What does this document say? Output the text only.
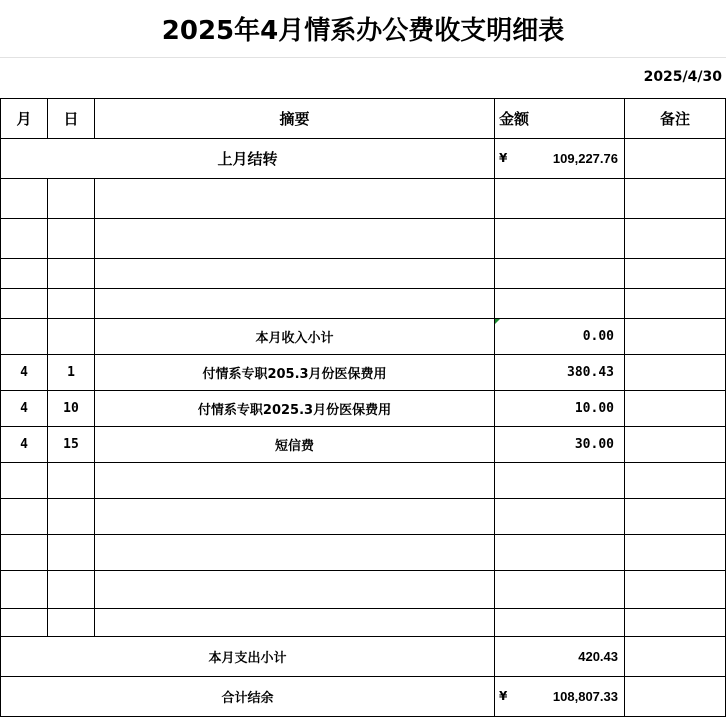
2025年4月情系办公费收支明细表
2025/4/30
月	日	摘要	金额	备注
上月结转	¥	109,227.76
本月收入小计	0.00
4	1	付情系专职205.3月份医保费用	380.43
4	10	付情系专职2025.3月份医保费用	10.00
4	15	短信费	30.00
本月支出小计	420.43
合计结余	¥	108,807.33
